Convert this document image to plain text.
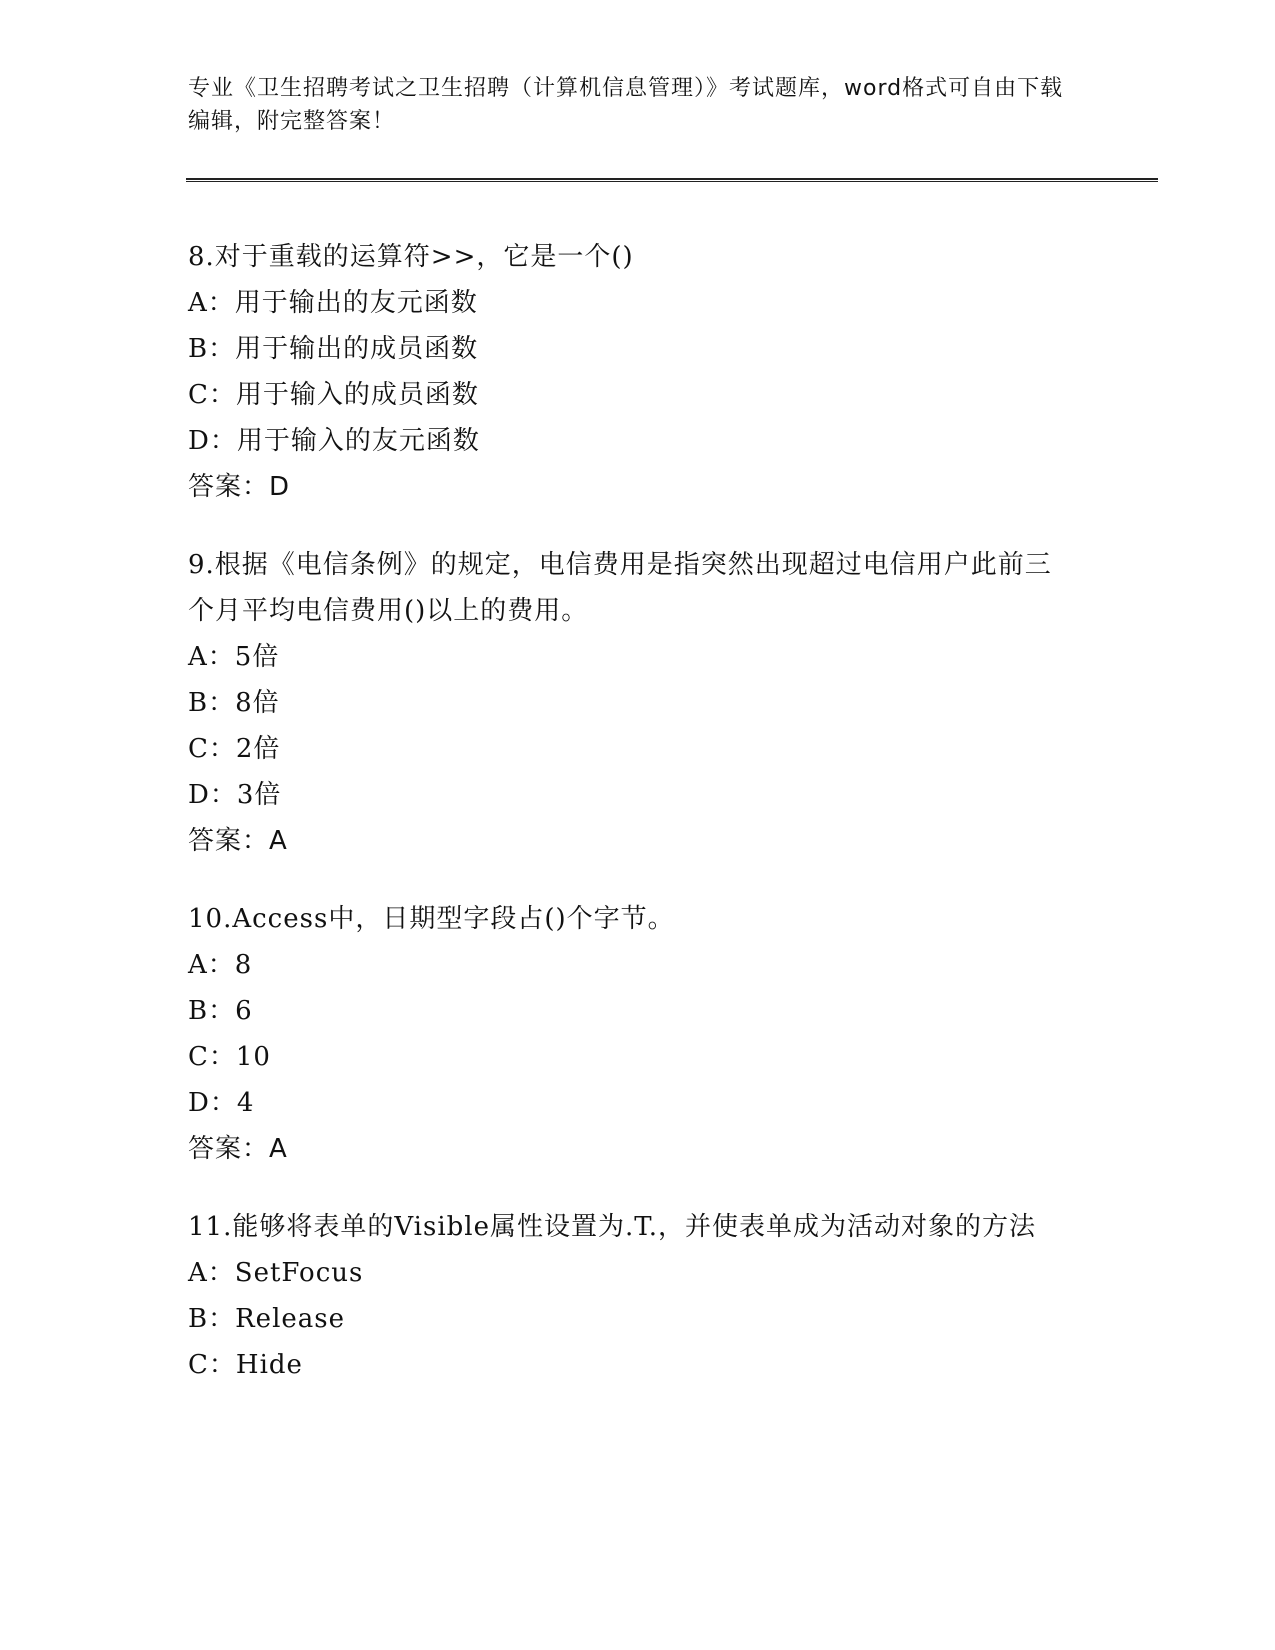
专业《卫生招聘考试之卫生招聘（计算机信息管理）》考试题库，word格式可自由下载编辑，附完整答案！
8.对于重载的运算符>>，它是一个()
A：用于输出的友元函数
B：用于输出的成员函数
C：用于输入的成员函数
D：用于输入的友元函数
答案：D
9.根据《电信条例》的规定，电信费用是指突然出现超过电信用户此前三个月平均电信费用()以上的费用。
A：5倍
B：8倍
C：2倍
D：3倍
答案：A
10.Access中，日期型字段占()个字节。
A：8
B：6
C：10
D：4
答案：A
11.能够将表单的Visible属性设置为.T.，并使表单成为活动对象的方法
A：SetFocus
B：Release
C：Hide
